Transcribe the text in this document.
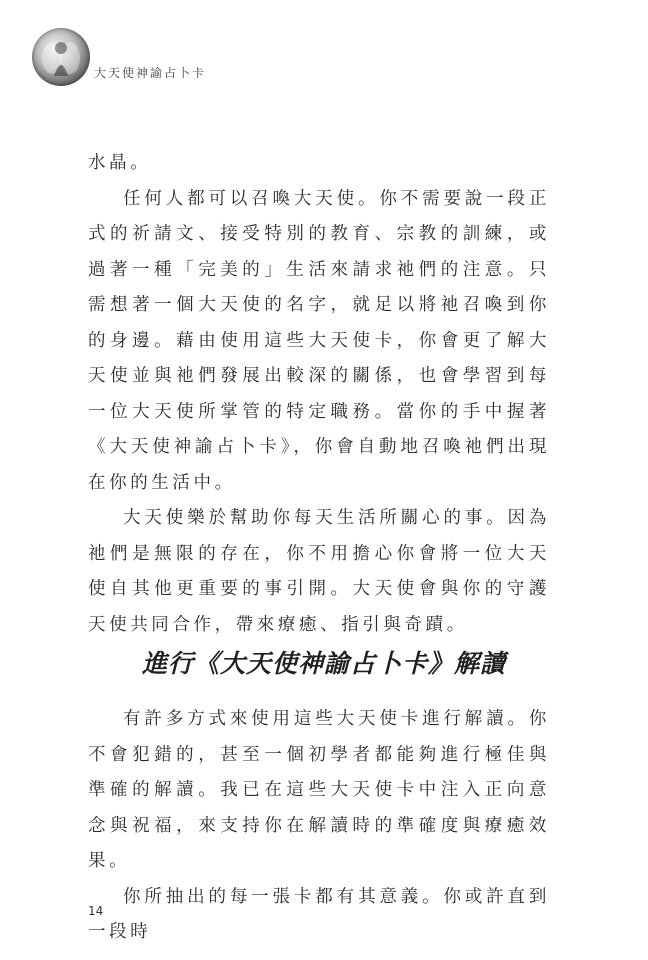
大天使神諭占卜卡

水晶。

任何人都可以召喚大天使。你不需要說一段正式的祈請文、接受特別的教育、宗教的訓練，或過著一種「完美的」生活來請求祂們的注意。只需想著一個大天使的名字，就足以將祂召喚到你的身邊。藉由使用這些大天使卡，你會更了解大天使並與祂們發展出較深的關係，也會學習到每一位大天使所掌管的特定職務。當你的手中握著《大天使神諭占卜卡》，你會自動地召喚祂們出現在你的生活中。

大天使樂於幫助你每天生活所關心的事。因為祂們是無限的存在，你不用擔心你會將一位大天使自其他更重要的事引開。大天使會與你的守護天使共同合作，帶來療癒、指引與奇蹟。

進行《大天使神諭占卜卡》解讀

有許多方式來使用這些大天使卡進行解讀。你不會犯錯的，甚至一個初學者都能夠進行極佳與準確的解讀。我已在這些大天使卡中注入正向意念與祝福，來支持你在解讀時的準確度與療癒效果。

你所抽出的每一張卡都有其意義。你或許直到一段時

14
